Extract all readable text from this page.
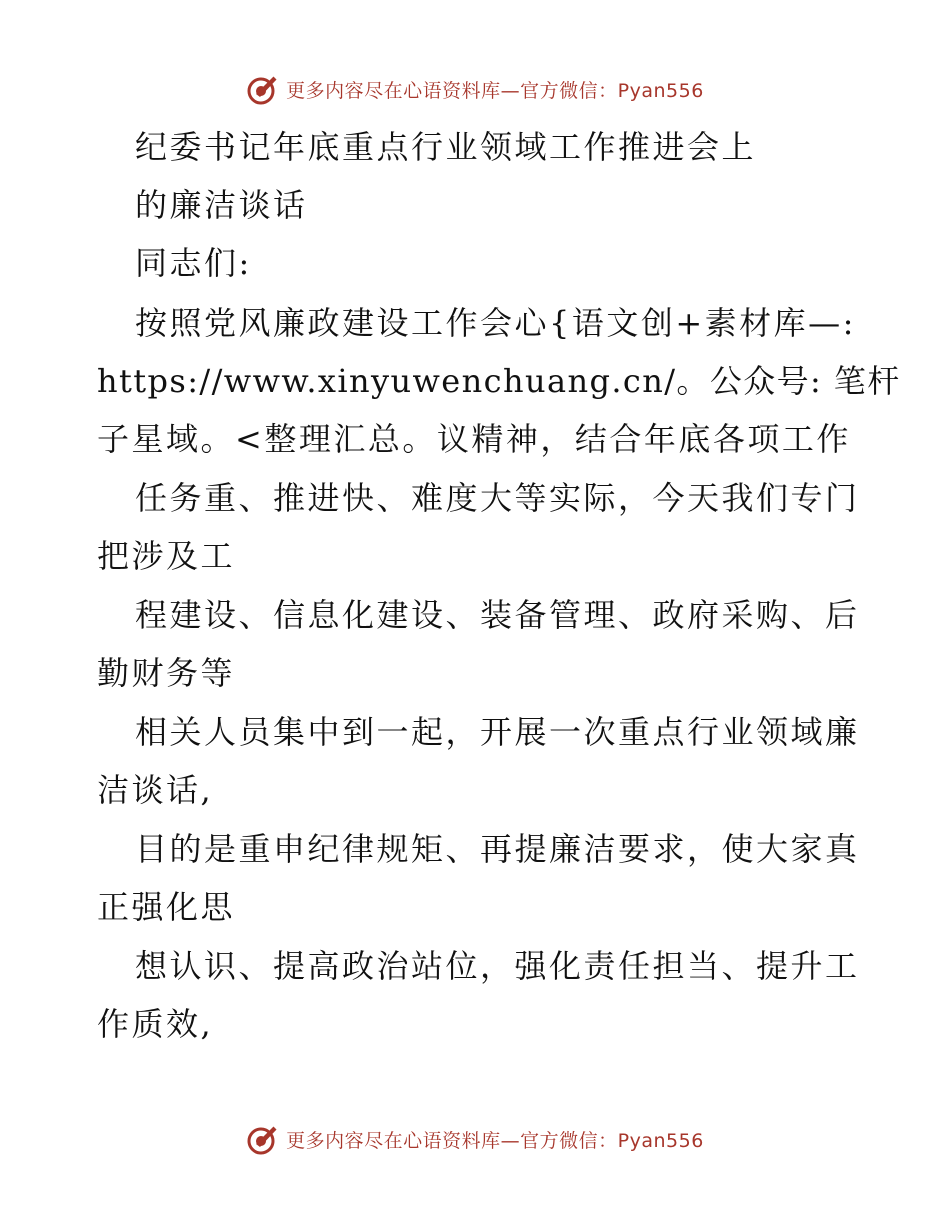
更多内容尽在心语资料库—官方微信：Pyan556
纪委书记年底重点行业领域工作推进会上
的廉洁谈话
同志们:
按照党风廉政建设工作会心{语文创+素材库—:
https://www.xinyuwenchuang.cn/。公众号: 笔杆
子星域。<整理汇总。议精神，结合年底各项工作
任务重、推进快、难度大等实际，今天我们专门
把涉及工
程建设、信息化建设、装备管理、政府采购、后
勤财务等
相关人员集中到一起，开展一次重点行业领域廉
洁谈话,
目的是重申纪律规矩、再提廉洁要求，使大家真
正强化思
想认识、提高政治站位，强化责任担当、提升工
作质效,
更多内容尽在心语资料库—官方微信：Pyan556
